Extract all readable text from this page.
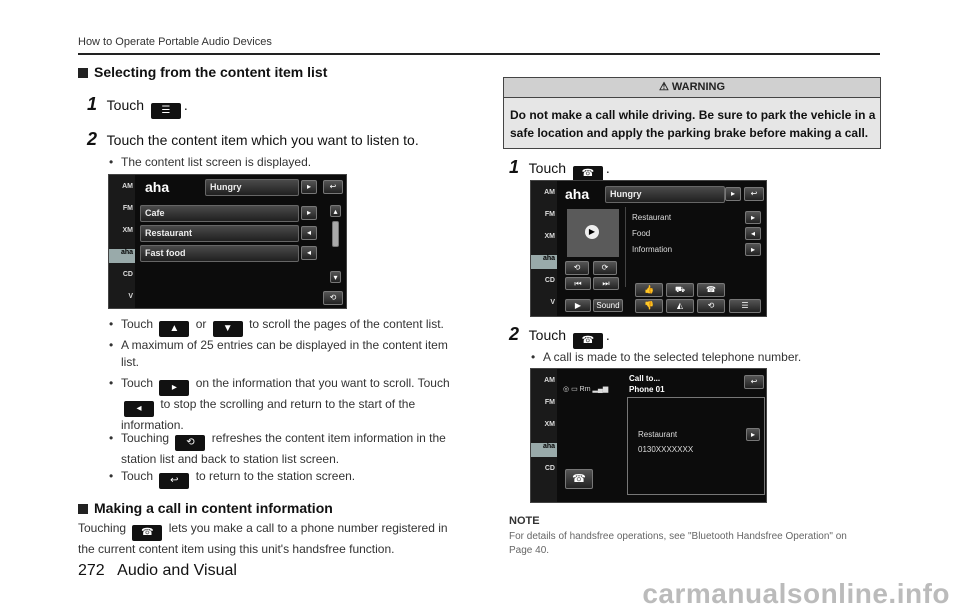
How to Operate Portable Audio Devices
Selecting from the content item list
1 Touch ☰ .
2 Touch the content item which you want to listen to.
• The content list screen is displayed.
AM
FM
XM
aha
CD
V
aha	Hungry	▸	↩
Cafe
Restaurant
Fast food
▸
◂
◂
▴
▾
⟲
• Touch ▲ or ▼ to scroll the pages of the content list.
• A maximum of 25 entries can be displayed in the content item list.
• Touch ▸ on the information that you want to scroll. Touch ◂ to stop the scrolling and return to the start of the information.
• Touching ⟲ refreshes the content item information in the station list and back to station list screen.
• Touch ↩ to return to the station screen.
Making a call in content information
Touching ☎ lets you make a call to a phone number registered in
the current content item using this unit's handsfree function.
⚠ WARNING
Do not make a call while driving. Be sure to park the vehicle in a safe location and apply the parking brake before making a call.
1 Touch ☎ .
AM
FM
XM
aha
CD
V
aha	Hungry	▸	↩
▶
Restaurant
Food
Information
▸
◂
▸
⟲	⟳
⏮	⏭
▶	Sound
👍	⛟	☎
👎	◭	⟲	☰
2 Touch ☎ .
• A call is made to the selected telephone number.
AM
FM
XM
aha
CD
◎ ▭ Rm ▂▄▆
Call to...
Phone 01
↩
Restaurant
0130XXXXXXX
▸
☎
NOTE
For details of handsfree operations, see "Bluetooth Handsfree Operation" on Page 40.
272 Audio and Visual
carmanualsonline.info
